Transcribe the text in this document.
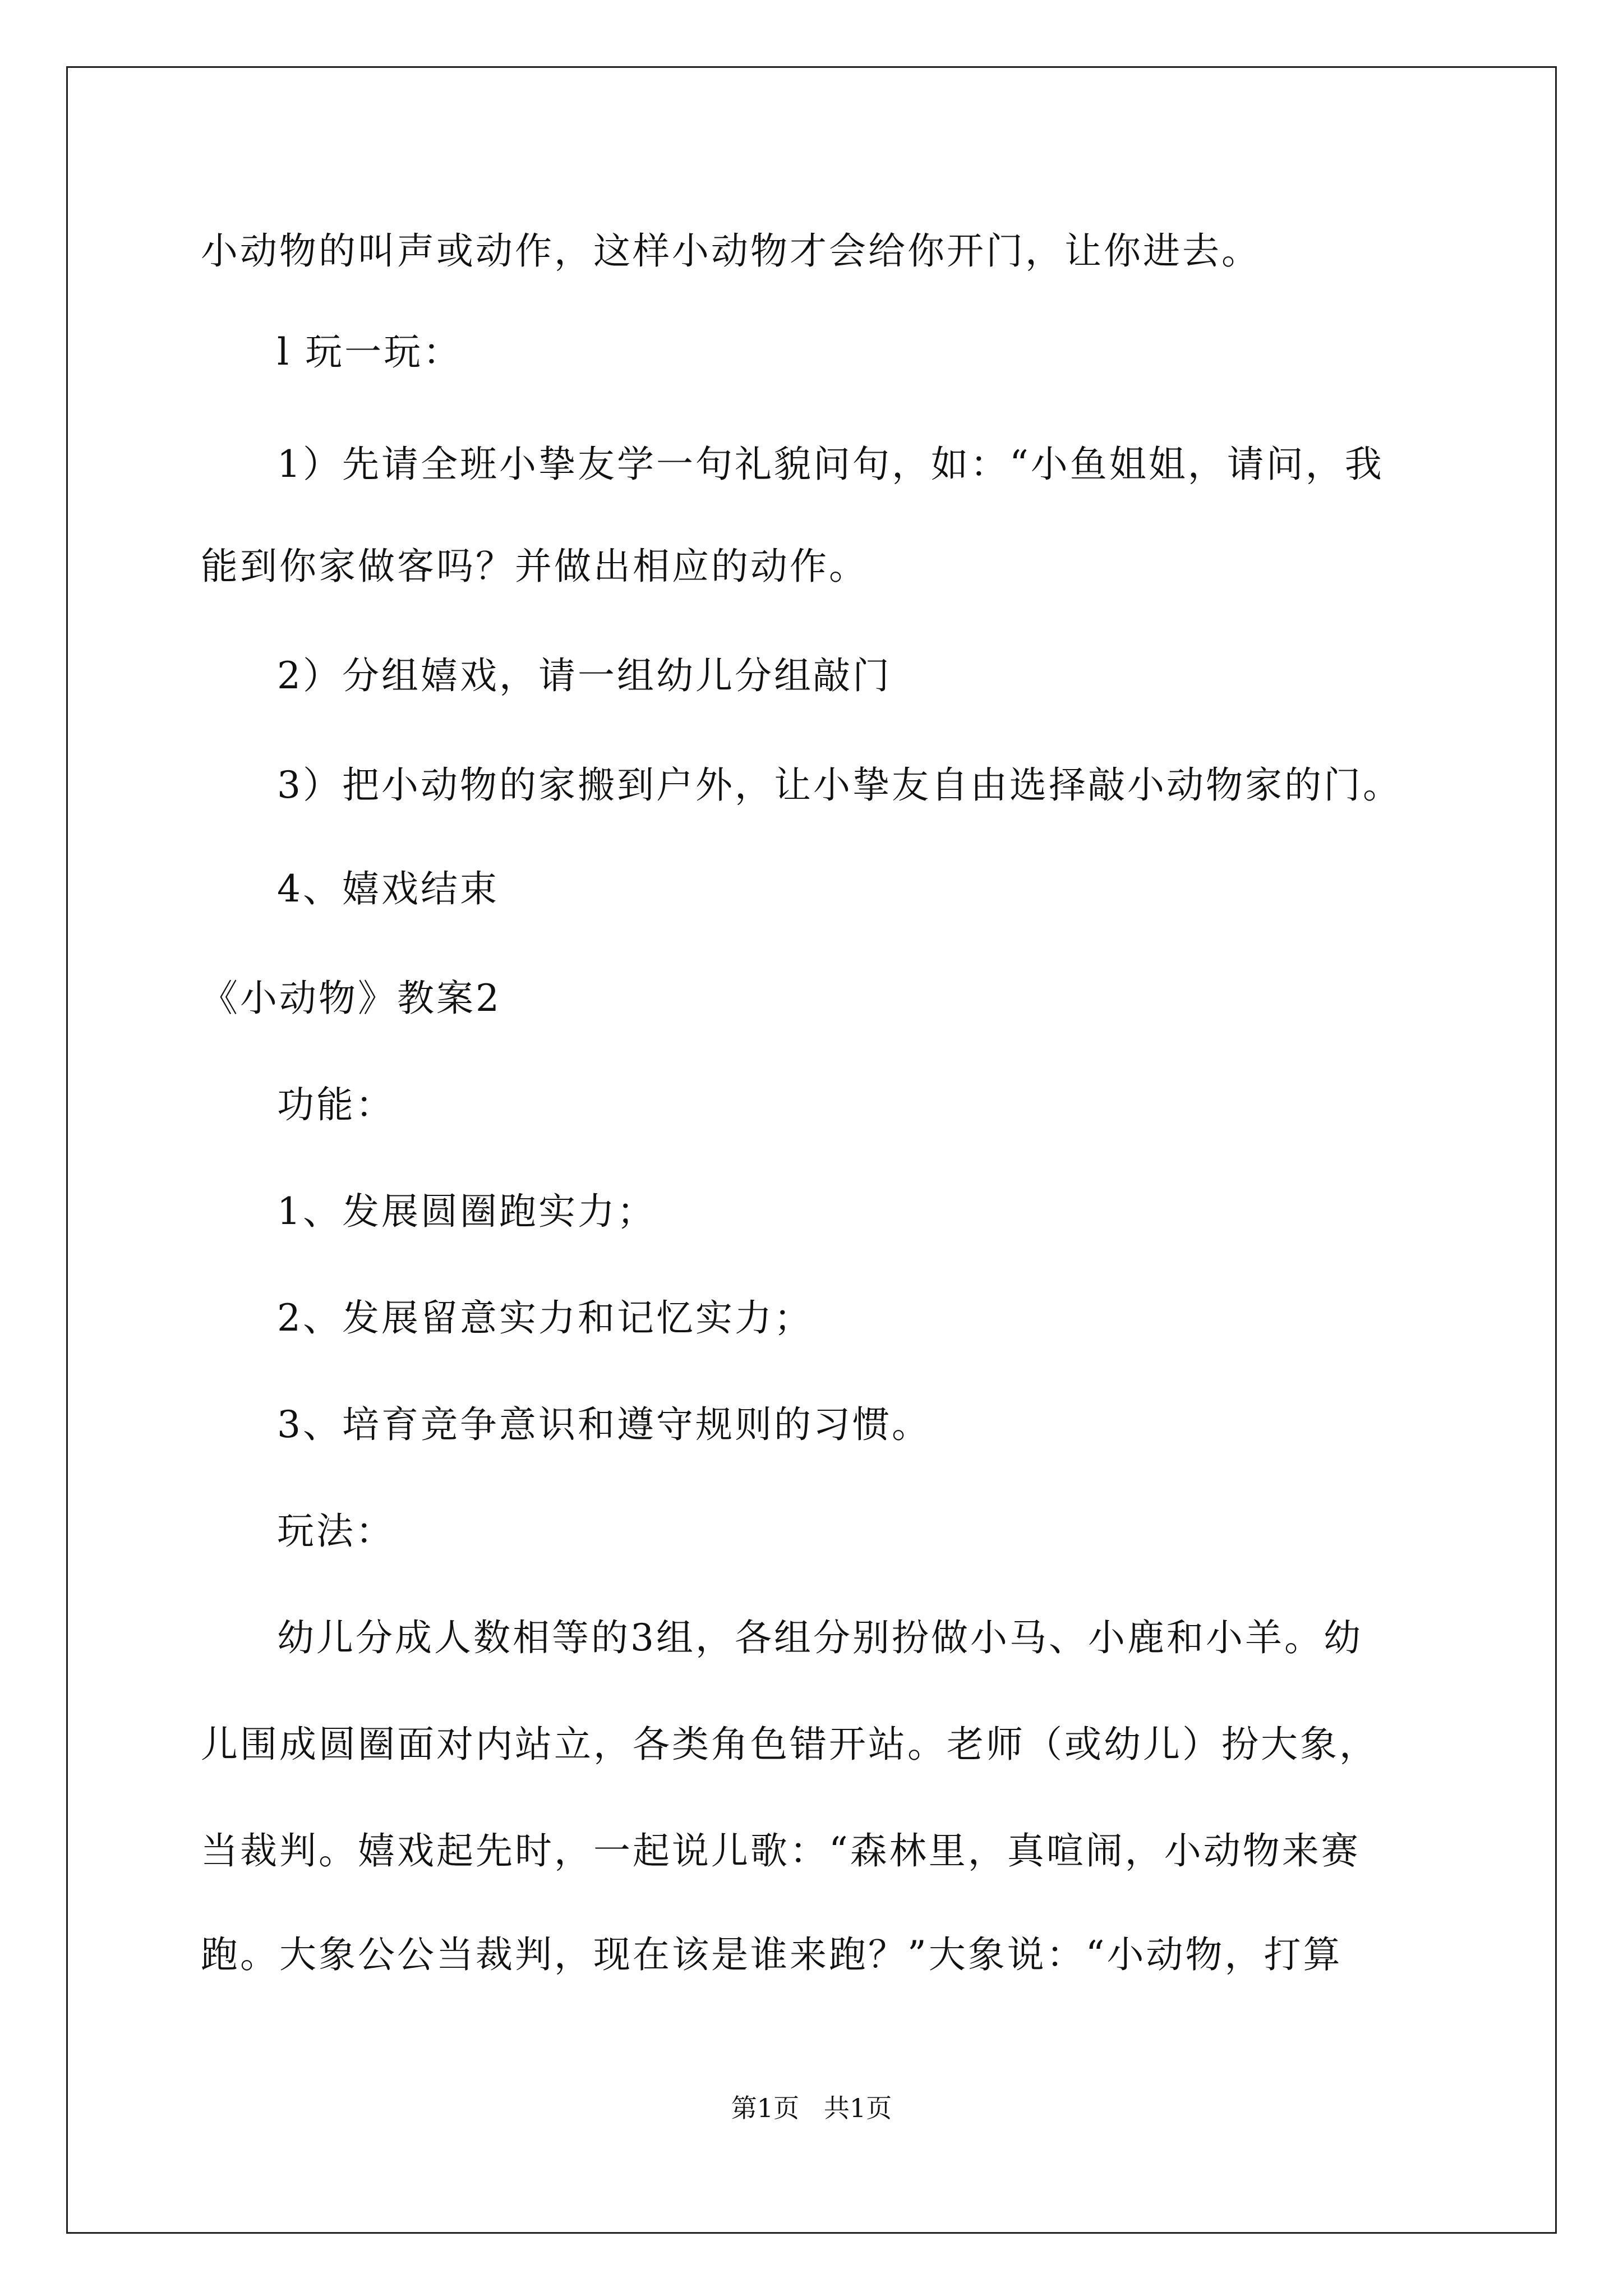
小动物的叫声或动作，这样小动物才会给你开门，让你进去。
l 玩一玩：
1）先请全班小挚友学一句礼貌问句，如：“小鱼姐姐，请问，我
能到你家做客吗？并做出相应的动作。
2）分组嬉戏，请一组幼儿分组敲门
3）把小动物的家搬到户外，让小挚友自由选择敲小动物家的门。
4、嬉戏结束
《小动物》教案2
功能：
1、发展圆圈跑实力；
2、发展留意实力和记忆实力；
3、培育竞争意识和遵守规则的习惯。
玩法：
幼儿分成人数相等的3组，各组分别扮做小马、小鹿和小羊。幼
儿围成圆圈面对内站立，各类角色错开站。老师（或幼儿）扮大象，
当裁判。嬉戏起先时，一起说儿歌：“森林里，真喧闹，小动物来赛
跑。大象公公当裁判，现在该是谁来跑？”大象说：“小动物，打算
第1页   共1页
